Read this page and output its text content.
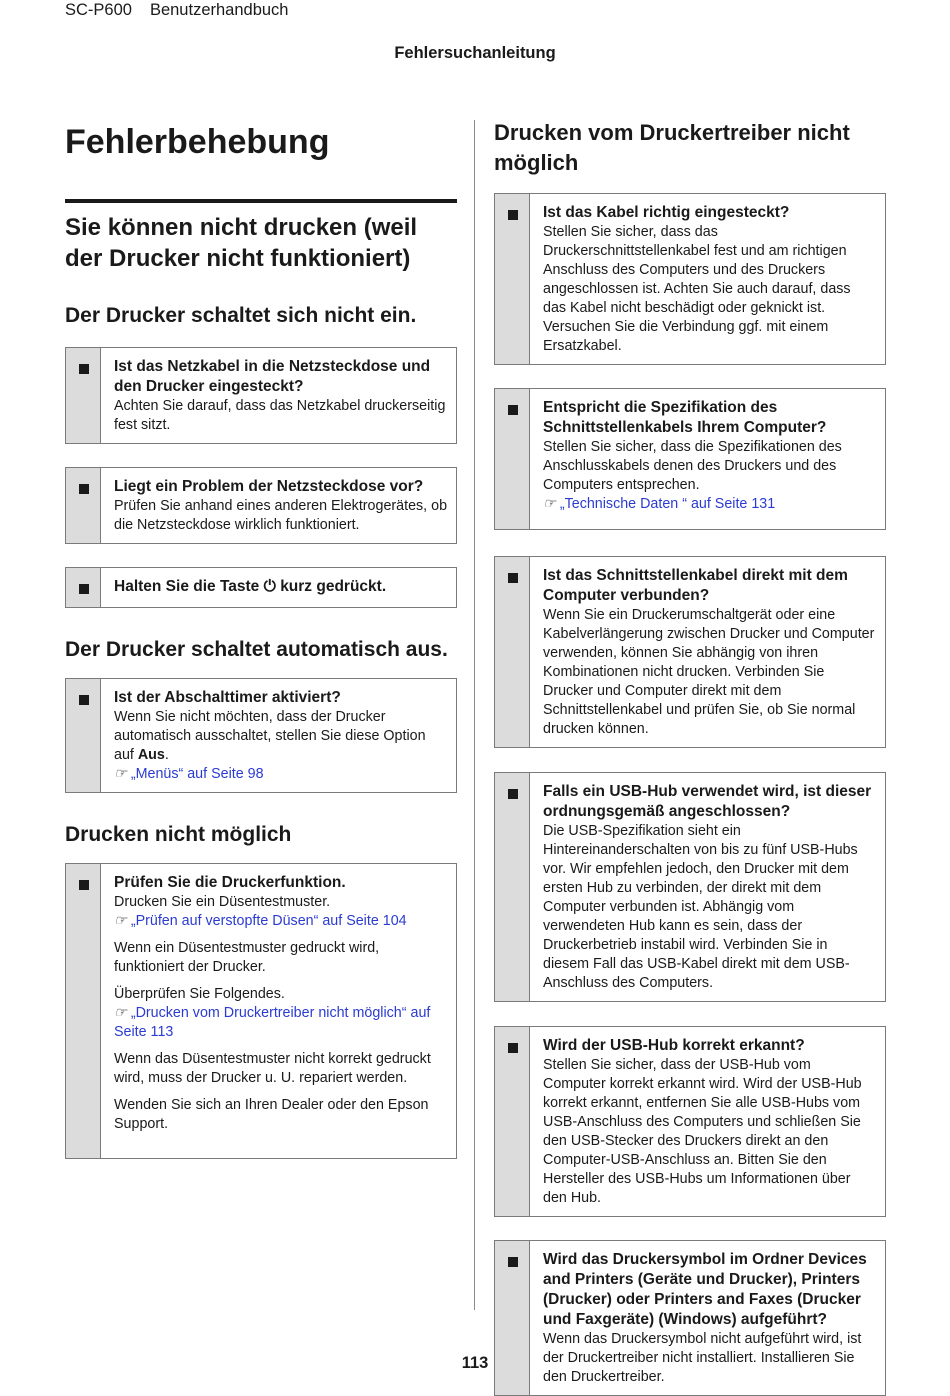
SC-P600 Benutzerhandbuch
Fehlersuchanleitung
Fehlerbehebung
Sie können nicht drucken (weil der Drucker nicht funktioniert)
Der Drucker schaltet sich nicht ein.

Ist das Netzkabel in die Netzsteckdose und den Drucker eingesteckt?

Achten Sie darauf, dass das Netzkabel druckerseitig fest sitzt.

Liegt ein Problem der Netzsteckdose vor?

Prüfen Sie anhand eines anderen Elektrogerätes, ob die Netzsteckdose wirklich funktioniert.

Halten Sie die Taste ⏻ kurz gedrückt.

Der Drucker schaltet automatisch aus.

Ist der Abschalttimer aktiviert?

Wenn Sie nicht möchten, dass der Drucker automatisch ausschaltet, stellen Sie diese Option auf Aus.

☞ „Menüs“ auf Seite 98

Drucken nicht möglich

Prüfen Sie die Druckerfunktion.

Drucken Sie ein Düsentestmuster.

☞ „Prüfen auf verstopfte Düsen“ auf Seite 104

Wenn ein Düsentestmuster gedruckt wird, funktioniert der Drucker.

Überprüfen Sie Folgendes.

☞ „Drucken vom Druckertreiber nicht möglich“ auf Seite 113

Wenn das Düsentestmuster nicht korrekt gedruckt wird, muss der Drucker u. U. repariert werden.

Wenden Sie sich an Ihren Dealer oder den Epson Support.

Drucken vom Druckertreiber nicht möglich

Ist das Kabel richtig eingesteckt?

Stellen Sie sicher, dass das Druckerschnittstellenkabel fest und am richtigen Anschluss des Computers und des Druckers angeschlossen ist. Achten Sie auch darauf, dass das Kabel nicht beschädigt oder geknickt ist. Versuchen Sie die Verbindung ggf. mit einem Ersatzkabel.

Entspricht die Spezifikation des Schnittstellenkabels Ihrem Computer?

Stellen Sie sicher, dass die Spezifikationen des Anschlusskabels denen des Druckers und des Computers entsprechen.

☞ „Technische Daten “ auf Seite 131

Ist das Schnittstellenkabel direkt mit dem Computer verbunden?

Wenn Sie ein Druckerumschaltgerät oder eine Kabelverlängerung zwischen Drucker und Computer verwenden, können Sie abhängig von ihren Kombinationen nicht drucken. Verbinden Sie Drucker und Computer direkt mit dem Schnittstellenkabel und prüfen Sie, ob Sie normal drucken können.

Falls ein USB-Hub verwendet wird, ist dieser ordnungsgemäß angeschlossen?

Die USB-Spezifikation sieht ein Hintereinanderschalten von bis zu fünf USB-Hubs vor. Wir empfehlen jedoch, den Drucker mit dem ersten Hub zu verbinden, der direkt mit dem Computer verbunden ist. Abhängig vom verwendeten Hub kann es sein, dass der Druckerbetrieb instabil wird. Verbinden Sie in diesem Fall das USB-Kabel direkt mit dem USB-Anschluss des Computers.

Wird der USB-Hub korrekt erkannt?

Stellen Sie sicher, dass der USB-Hub vom Computer korrekt erkannt wird. Wird der USB-Hub korrekt erkannt, entfernen Sie alle USB-Hubs vom USB-Anschluss des Computers und schließen Sie den USB-Stecker des Druckers direkt an den Computer-USB-Anschluss an. Bitten Sie den Hersteller des USB-Hubs um Informationen über den Hub.

Wird das Druckersymbol im Ordner Devices and Printers (Geräte und Drucker), Printers (Drucker) oder Printers and Faxes (Drucker und Faxgeräte) (Windows) aufgeführt?

Wenn das Druckersymbol nicht aufgeführt wird, ist der Druckertreiber nicht installiert. Installieren Sie den Druckertreiber.

113
